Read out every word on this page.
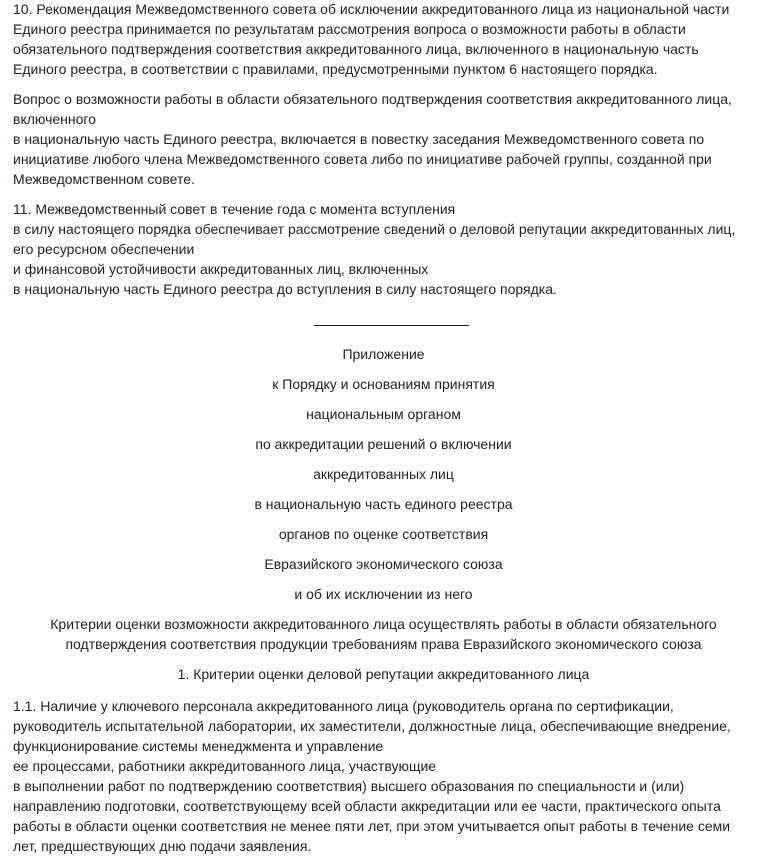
10. Рекомендация Межведомственного совета об исключении аккредитованного лица из национальной части
Единого реестра принимается по результатам рассмотрения вопроса о возможности работы в области
обязательного подтверждения соответствия аккредитованного лица, включенного в национальную часть
Единого реестра, в соответствии с правилами, предусмотренными пунктом 6 настоящего порядка.

Вопрос о возможности работы в области обязательного подтверждения соответствия аккредитованного лица,
включенного
в национальную часть Единого реестра, включается в повестку заседания Межведомственного совета по
инициативе любого члена Межведомственного совета либо по инициативе рабочей группы, созданной при
Межведомственном совете.

11. Межведомственный совет в течение года с момента вступления
в силу настоящего порядка обеспечивает рассмотрение сведений о деловой репутации аккредитованных лиц,
его ресурсном обеспечении
и финансовой устойчивости аккредитованных лиц, включенных
в национальную часть Единого реестра до вступления в силу настоящего порядка.

Приложение
к Порядку и основаниям принятия
национальным органом
по аккредитации решений о включении
аккредитованных лиц
в национальную часть единого реестра
органов по оценке соответствия
Евразийского экономического союза
и об их исключении из него

Критерии оценки возможности аккредитованного лица осуществлять работы в области обязательного
подтверждения соответствия продукции требованиям права Евразийского экономического союза

1. Критерии оценки деловой репутации аккредитованного лица

1.1. Наличие у ключевого персонала аккредитованного лица (руководитель органа по сертификации,
руководитель испытательной лаборатории, их заместители, должностные лица, обеспечивающие внедрение,
функционирование системы менеджмента и управление
ее процессами, работники аккредитованного лица, участвующие
в выполнении работ по подтверждению соответствия) высшего образования по специальности и (или)
направлению подготовки, соответствующему всей области аккредитации или ее части, практического опыта
работы в области оценки соответствия не менее пяти лет, при этом учитывается опыт работы в течение семи
лет, предшествующих дню подачи заявления.
